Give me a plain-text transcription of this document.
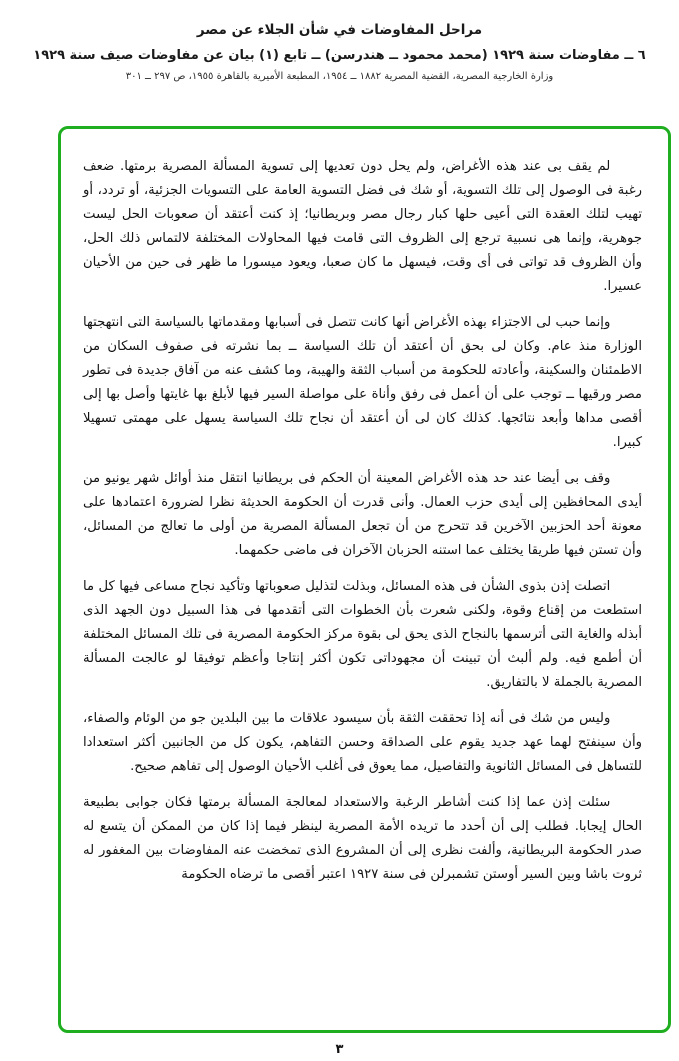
مراحل المفاوضات في شأن الجلاء عن مصر
٦ ــ مفاوضات سنة ١٩٢٩ (محمد محمود ــ هندرسن) ــ تابع (١) بيان عن مفاوضات صيف سنة ١٩٢٩
وزارة الخارجية المصرية، القضية المصرية ١٨٨٢ ــ ١٩٥٤، المطبعة الأميرية بالقاهرة ١٩٥٥، ص ٢٩٧ ــ ٣٠١

لم يقف بى عند هذه الأغراض، ولم يحل دون تعديها إلى تسوية المسألة المصرية برمتها. ضعف رغبة فى الوصول إلى تلك التسوية، أو شك فى فضل التسوية العامة على التسويات الجزئية، أو تردد، أو تهيب لتلك العقدة التى أعيى حلها كبار رجال مصر وبريطانيا؛ إذ كنت أعتقد أن صعوبات الحل ليست جوهرية، وإنما هى نسبية ترجع إلى الظروف التى قامت فيها المحاولات المختلفة لالتماس ذلك الحل، وأن الظروف قد تواتى فى أى وقت، فيسهل ما كان صعبا، ويعود ميسورا ما ظهر فى حين من الأحيان عسيرا.

وإنما حبب لى الاجتزاء بهذه الأغراض أنها كانت تتصل فى أسبابها ومقدماتها بالسياسة التى انتهجتها الوزارة منذ عام. وكان لى بحق أن أعتقد أن تلك السياسة ــ بما نشرته فى صفوف السكان من الاطمئنان والسكينة، وأعادته للحكومة من أسباب الثقة والهيبة، وما كشف عنه من آفاق جديدة فى تطور مصر ورقيها ــ توجب على أن أعمل فى رفق وأناة على مواصلة السير فيها لأبلغ بها غايتها وأصل بها إلى أقصى مداها وأبعد نتائجها. كذلك كان لى أن أعتقد أن نجاح تلك السياسة يسهل على مهمتى تسهيلا كبيرا.

وقف بى أيضا عند حد هذه الأغراض المعينة أن الحكم فى بريطانيا انتقل منذ أوائل شهر يونيو من أيدى المحافظين إلى أيدى حزب العمال. وأنى قدرت أن الحكومة الحديثة نظرا لضرورة اعتمادها على معونة أحد الحزبين الآخرين قد تتحرج من أن تجعل المسألة المصرية من أولى ما تعالج من المسائل، وأن تستن فيها طريقا يختلف عما استنه الحزبان الآخران فى ماضى حكمهما.

اتصلت إذن بذوى الشأن فى هذه المسائل، وبذلت لتذليل صعوباتها وتأكيد نجاح مساعى فيها كل ما استطعت من إقناع وقوة، ولكنى شعرت بأن الخطوات التى أتقدمها فى هذا السبيل دون الجهد الذى أبذله والغاية التى أترسمها بالنجاح الذى يحق لى بقوة مركز الحكومة المصرية فى تلك المسائل المختلفة أن أطمع فيه. ولم ألبث أن تبينت أن مجهوداتى تكون أكثر إنتاجا وأعظم توفيقا لو عالجت المسألة المصرية بالجملة لا بالتفاريق.

وليس من شك فى أنه إذا تحققت الثقة بأن سيسود علاقات ما بين البلدين جو من الوئام والصفاء، وأن سينفتح لهما عهد جديد يقوم على الصداقة وحسن التفاهم، يكون كل من الجانبين أكثر استعدادا للتساهل فى المسائل الثانوية والتفاصيل، مما يعوق فى أغلب الأحيان الوصول إلى تفاهم صحيح.

سئلت إذن عما إذا كنت أشاطر الرغبة والاستعداد لمعالجة المسألة برمتها فكان جوابى بطبيعة الحال إيجابا. فطلب إلى أن أحدد ما تريده الأمة المصرية لينظر فيما إذا كان من الممكن أن يتسع له صدر الحكومة البريطانية، وألفت نظرى إلى أن المشروع الذى تمخضت عنه المفاوضات بين المغفور له ثروت باشا وبين السير أوستن تشمبرلن فى سنة ١٩٢٧ اعتبر أقصى ما ترضاه الحكومة

٣
